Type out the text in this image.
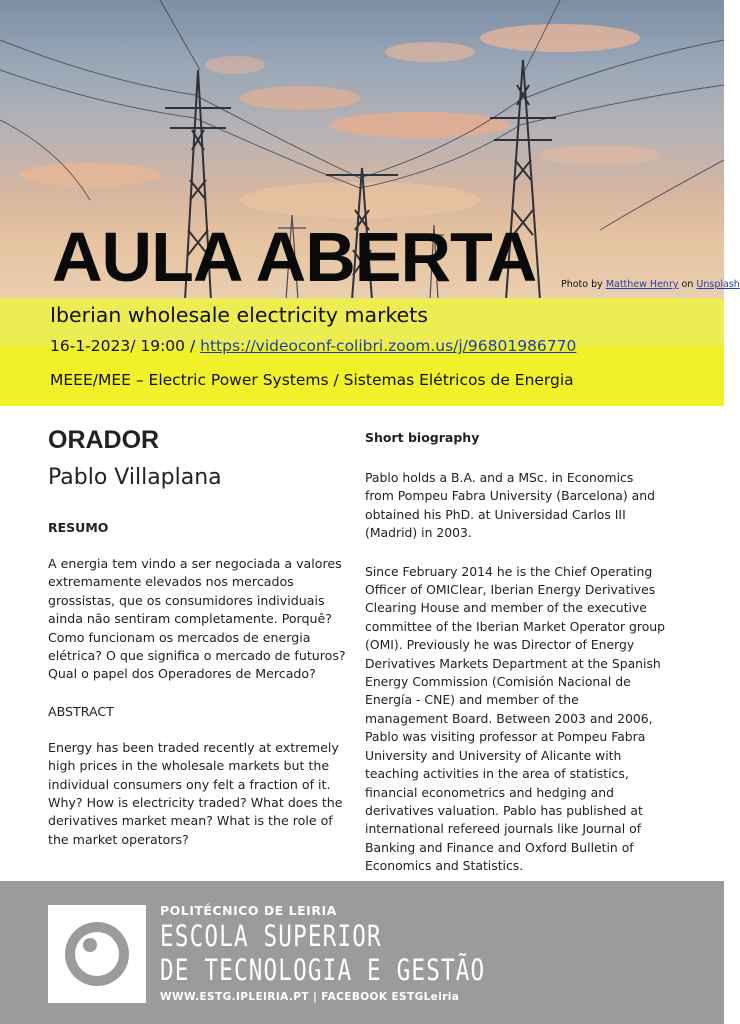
AULA ABERTA	Photo by Matthew Henry on Unsplash
Iberian wholesale electricity markets
16-1-2023/ 19:00 / https://videoconf-colibri.zoom.us/j/96801986770
MEEE/MEE – Electric Power Systems / Sistemas Elétricos de Energia
ORADOR
Pablo Villaplana
RESUMO
A energia tem vindo a ser negociada a valores extremamente elevados nos mercados grossistas, que os consumidores individuais ainda não sentiram completamente. Porquê? Como funcionam os mercados de energia elétrica? O que significa o mercado de futuros? Qual o papel dos Operadores de Mercado?
ABSTRACT
Energy has been traded recently at extremely high prices in the wholesale markets but the individual consumers ony felt a fraction of it. Why? How is electricity traded? What does the derivatives market mean? What is the role of the market operators?
Short biography
Pablo holds a B.A. and a MSc. in Economics from Pompeu Fabra University (Barcelona) and obtained his PhD. at Universidad Carlos III (Madrid) in 2003.
Since February 2014 he is the Chief Operating Officer of OMIClear, Iberian Energy Derivatives Clearing House and member of the executive committee of the Iberian Market Operator group (OMI). Previously he was Director of Energy Derivatives Markets Department at the Spanish Energy Commission (Comisión Nacional de Energía - CNE) and member of the management Board. Between 2003 and 2006, Pablo was visiting professor at Pompeu Fabra University and University of Alicante with teaching activities in the area of statistics, financial econometrics and hedging and derivatives valuation. Pablo has published at international refereed journals like Journal of Banking and Finance and Oxford Bulletin of Economics and Statistics.
POLITÉCNICO DE LEIRIA
ESCOLA SUPERIOR
DE TECNOLOGIA E GESTÃO
WWW.ESTG.IPLEIRIA.PT | FACEBOOK ESTGLeiria
